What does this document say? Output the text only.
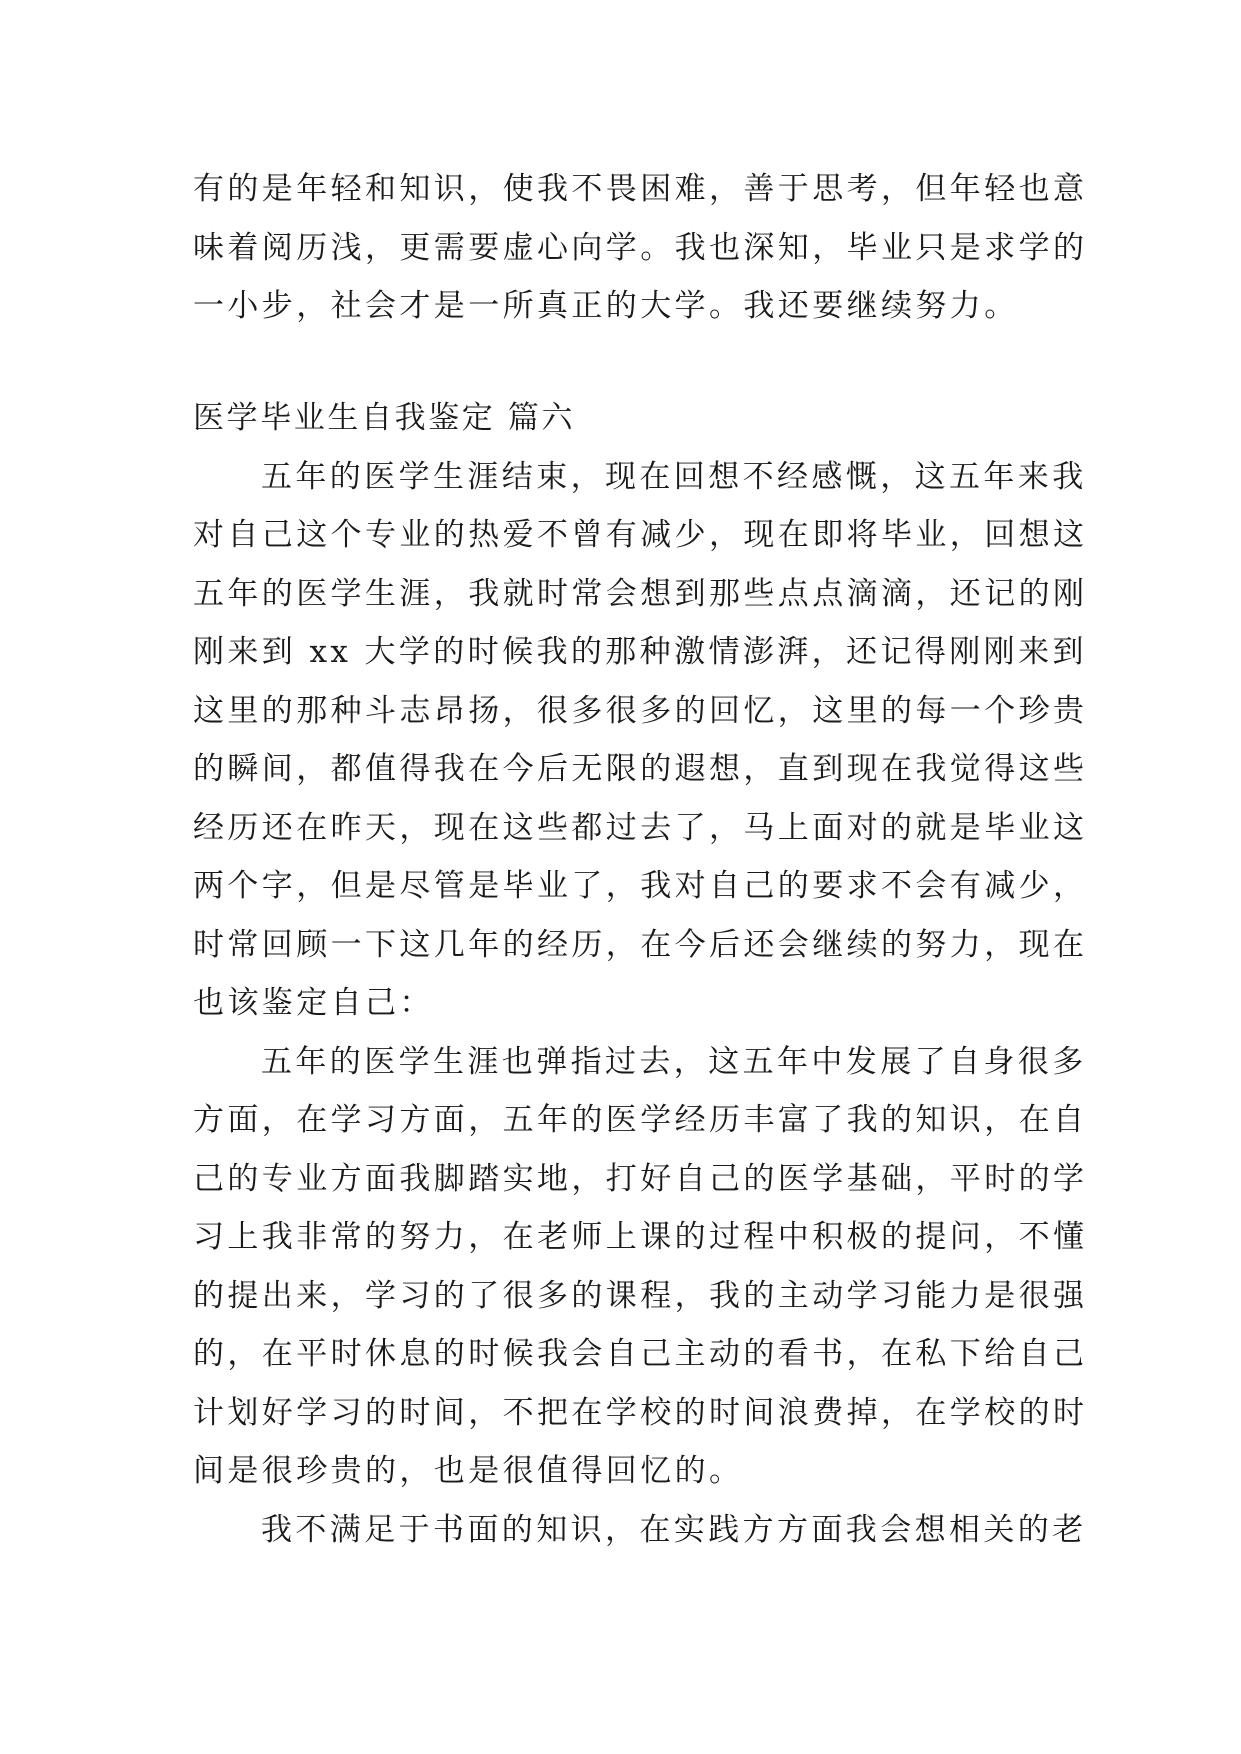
有的是年轻和知识，使我不畏困难，善于思考，但年轻也意
味着阅历浅，更需要虚心向学。我也深知，毕业只是求学的
一小步，社会才是一所真正的大学。我还要继续努力。
医学毕业生自我鉴定 篇六
五年的医学生涯结束，现在回想不经感慨，这五年来我
对自己这个专业的热爱不曾有减少，现在即将毕业，回想这
五年的医学生涯，我就时常会想到那些点点滴滴，还记的刚
刚来到 xx 大学的时候我的那种激情澎湃，还记得刚刚来到
这里的那种斗志昂扬，很多很多的回忆，这里的每一个珍贵
的瞬间，都值得我在今后无限的遐想，直到现在我觉得这些
经历还在昨天，现在这些都过去了，马上面对的就是毕业这
两个字，但是尽管是毕业了，我对自己的要求不会有减少，
时常回顾一下这几年的经历，在今后还会继续的努力，现在
也该鉴定自己：
五年的医学生涯也弹指过去，这五年中发展了自身很多
方面，在学习方面，五年的医学经历丰富了我的知识，在自
己的专业方面我脚踏实地，打好自己的医学基础，平时的学
习上我非常的努力，在老师上课的过程中积极的提问，不懂
的提出来，学习的了很多的课程，我的主动学习能力是很强
的，在平时休息的时候我会自己主动的看书，在私下给自己
计划好学习的时间，不把在学校的时间浪费掉，在学校的时
间是很珍贵的，也是很值得回忆的。
我不满足于书面的知识，在实践方方面我会想相关的老
